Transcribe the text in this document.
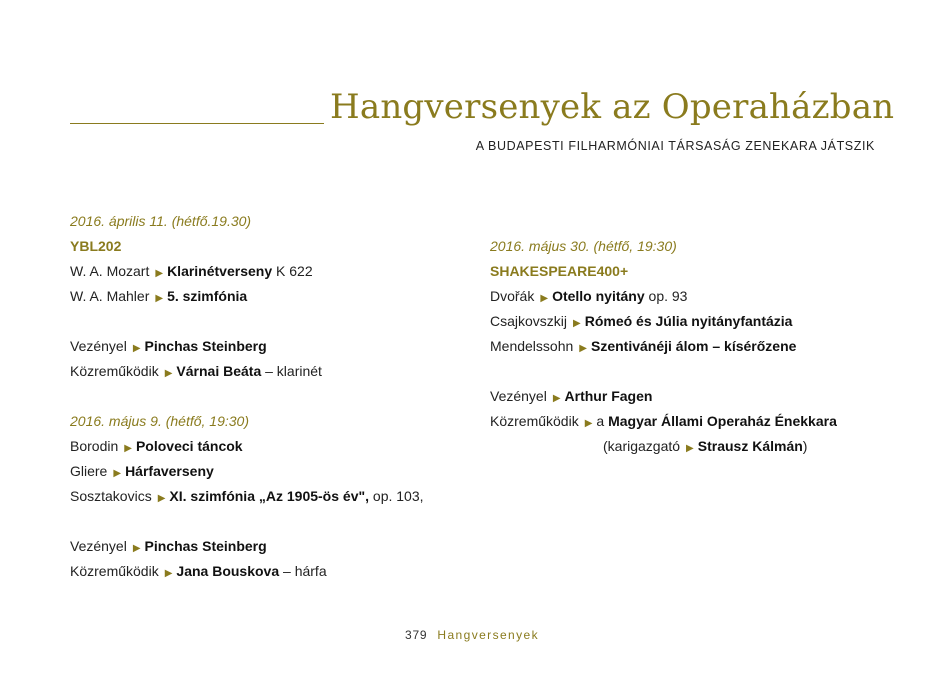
Hangversenyek az Operaházban
A BUDAPESTI FILHARMÓNIAI TÁRSASÁG ZENEKARA JÁTSZIK
2016. április 11. (hétfő.19.30)
YBL202
W. A. Mozart ▶ Klarinétverseny K 622
W. A. Mahler ▶ 5. szimfónia
Vezényel ▶ Pinchas Steinberg
Közreműködik ▶ Várnai Beáta – klarinét
2016. május 9. (hétfő, 19:30)
Borodin ▶ Poloveci táncok
Gliere ▶ Hárfaverseny
Sosztakovics ▶ XI. szimfónia „Az 1905-ös év", op. 103,
Vezényel ▶ Pinchas Steinberg
Közreműködik ▶ Jana Bouskova – hárfa
2016. május 30. (hétfő, 19:30)
SHAKESPEARE400+
Dvořák ▶ Otello nyitány op. 93
Csajkovszkij ▶ Rómeó és Júlia nyitányfantázia
Mendelssohn ▶ Szentivánéji álom – kísérőzene
Vezényel ▶ Arthur Fagen
Közreműködik ▶ a Magyar Állami Operaház Énekkara
(karigazgató ▶ Strausz Kálmán)
379 Hangversenyek
